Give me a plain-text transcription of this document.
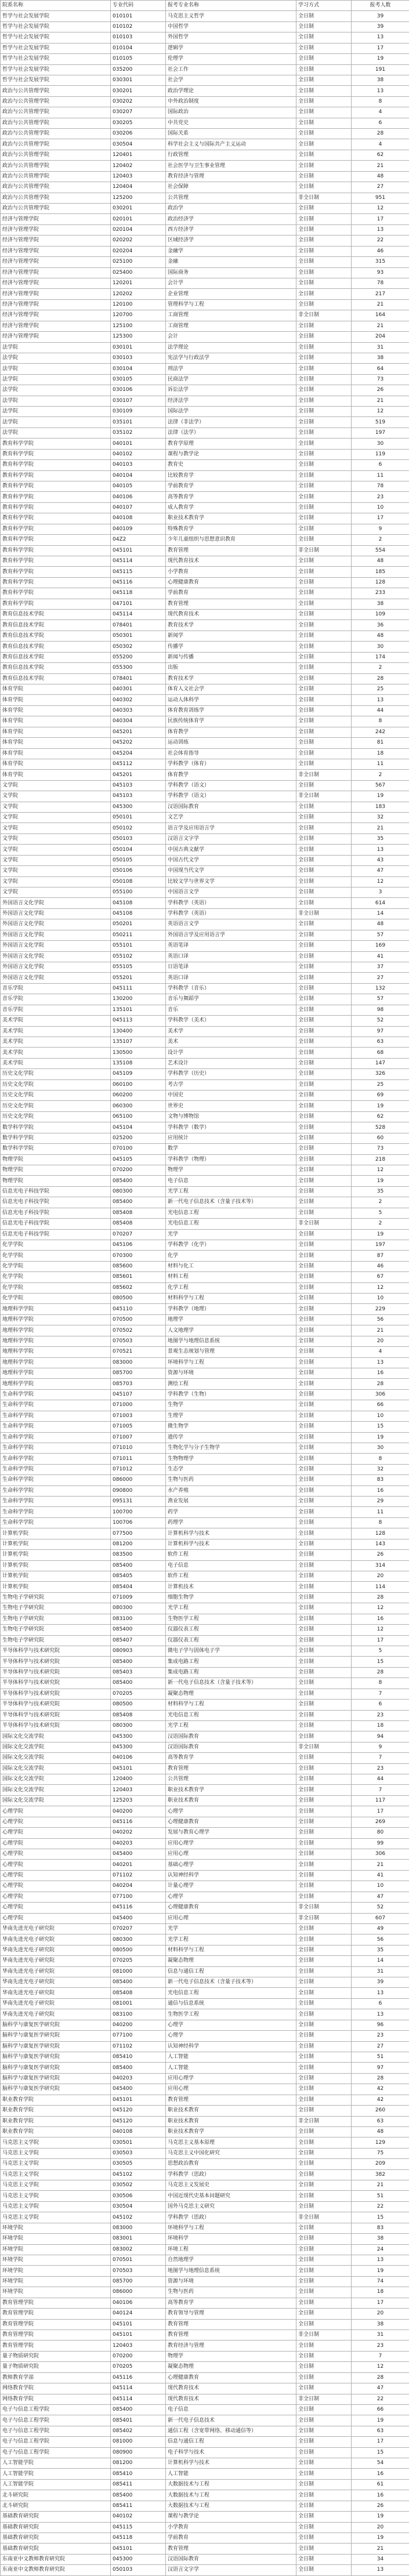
院系名称	专业代码	报考专业名称	学习方式	报考人数
哲学与社会发展学院	010101	马克思主义哲学	全日制	39
哲学与社会发展学院	010102	中国哲学	全日制	39
哲学与社会发展学院	010103	外国哲学	全日制	13
哲学与社会发展学院	010104	逻辑学	全日制	17
哲学与社会发展学院	010105	伦理学	全日制	19
哲学与社会发展学院	035200	社会工作	全日制	191
哲学与社会发展学院	030301	社会学	全日制	38
政治与公共管理学院	030201	政治学理论	全日制	13
政治与公共管理学院	030202	中外政治制度	全日制	8
政治与公共管理学院	030207	国际政治	全日制	4
政治与公共管理学院	030205	中共党史	全日制	6
政治与公共管理学院	030206	国际关系	全日制	28
政治与公共管理学院	030504	科学社会主义与国际共产主义运动	全日制	4
政治与公共管理学院	120401	行政管理	全日制	62
政治与公共管理学院	120402	社会医学与卫生事业管理	全日制	21
政治与公共管理学院	120403	教育经济与管理	全日制	48
政治与公共管理学院	120404	社会保障	全日制	27
政治与公共管理学院	125200	公共管理	非全日制	951
政治与公共管理学院	030201	政治学	全日制	12
经济与管理学院	020101	政治经济学	全日制	17
经济与管理学院	020104	西方经济学	全日制	13
经济与管理学院	020202	区域经济学	全日制	22
经济与管理学院	020204	金融学	全日制	46
经济与管理学院	025100	金融	全日制	315
经济与管理学院	025400	国际商务	全日制	93
经济与管理学院	120201	会计学	全日制	78
经济与管理学院	120202	企业管理	全日制	217
经济与管理学院	120100	管理科学与工程	全日制	21
经济与管理学院	120700	工商管理	非全日制	164
经济与管理学院	125100	工商管理	全日制	21
经济与管理学院	125300	会计	全日制	204
法学院	030101	法学理论	全日制	31
法学院	030103	宪法学与行政法学	全日制	38
法学院	030104	刑法学	全日制	64
法学院	030105	民商法学	全日制	73
法学院	030106	诉讼法学	全日制	26
法学院	030107	经济法学	全日制	21
法学院	030109	国际法学	全日制	12
法学院	035101	法律（非法学）	全日制	519
法学院	035102	法律（法学）	全日制	197
教育科学学院	040101	教育学原理	全日制	30
教育科学学院	040102	课程与教学论	全日制	119
教育科学学院	040103	教育史	全日制	6
教育科学学院	040104	比较教育学	全日制	11
教育科学学院	040105	学前教育学	全日制	78
教育科学学院	040106	高等教育学	全日制	23
教育科学学院	040107	成人教育学	全日制	10
教育科学学院	040108	职业技术教育学	全日制	17
教育科学学院	040109	特殊教育学	全日制	9
教育科学学院	04Z2	少年儿童组织与思想意识教育	全日制	2
教育科学学院	045101	教育管理	非全日制	554
教育科学学院	045114	现代教育技术	全日制	48
教育科学学院	045115	小学教育	全日制	185
教育科学学院	045116	心理健康教育	全日制	128
教育科学学院	045118	学前教育	全日制	233
教育科学学院	047101	教育管理	全日制	38
教育信息技术学院	045114	现代教育技术	全日制	109
教育信息技术学院	078401	教育技术学	全日制	36
教育信息技术学院	050301	新闻学	全日制	48
教育信息技术学院	050302	传播学	全日制	30
教育信息技术学院	055200	新闻与传播	全日制	174
教育信息技术学院	055300	出版	全日制	2
教育信息技术学院	078401	教育技术学	全日制	28
体育学院	040301	体育人文社会学	全日制	25
体育学院	040302	运动人体科学	全日制	13
体育学院	040303	体育教育训练学	全日制	44
体育学院	040304	民族传统体育学	全日制	8
体育学院	045201	体育教学	全日制	242
体育学院	045202	运动训练	全日制	81
体育学院	045204	社会体育指导	全日制	18
体育学院	045112	学科教学（体育）	全日制	11
体育学院	045201	体育教学	非全日制	2
文学院	045103	学科教学（语文）	全日制	567
文学院	045103	学科教学（语文）	非全日制	19
文学院	045300	汉语国际教育	全日制	183
文学院	050101	文艺学	全日制	32
文学院	050102	语言学及应用语言学	全日制	21
文学院	050103	汉语言文字学	全日制	35
文学院	050104	中国古典文献学	全日制	13
文学院	050105	中国古代文学	全日制	43
文学院	050106	中国现当代文学	全日制	47
文学院	050108	比较文学与世界文学	全日制	12
文学院	055100	中国语言文学	全日制	3
外国语言文化学院	045108	学科教学（英语）	全日制	614
外国语言文化学院	045108	学科教学（英语）	非全日制	14
外国语言文化学院	050201	英语语言文学	全日制	48
外国语言文化学院	050211	外国语言学及应用语言学	全日制	57
外国语言文化学院	055101	英语笔译	全日制	169
外国语言文化学院	055102	英语口译	全日制	41
外国语言文化学院	055105	日语笔译	全日制	37
外国语言文化学院	055201	英语口译	全日制	27
音乐学院	045111	学科教学（音乐）	全日制	132
音乐学院	130200	音乐与舞蹈学	全日制	57
音乐学院	135101	音乐	全日制	98
美术学院	045113	学科教学（美术）	全日制	52
美术学院	130400	美术学	全日制	97
美术学院	135107	美术	全日制	63
美术学院	130500	设计学	全日制	68
美术学院	135108	艺术设计	全日制	147
历史文化学院	045109	学科教学（历史）	全日制	326
历史文化学院	060100	考古学	全日制	25
历史文化学院	060200	中国史	全日制	69
历史文化学院	060300	世界史	全日制	19
历史文化学院	065100	文物与博物馆	全日制	62
数学科学学院	045104	学科教学（数学）	全日制	528
数学科学学院	025200	应用统计	全日制	60
数学科学学院	070100	数学	全日制	73
物理学院	045105	学科教学（物理）	全日制	218
物理学院	070200	物理学	全日制	12
物理学院	085400	电子信息	全日制	19
信息光电子科技学院	080300	光学工程	全日制	35
信息光电子科技学院	085400	新一代电子信息技术（含量子技术等）	全日制	2
信息光电子科技学院	085408	光电信息工程	全日制	5
信息光电子科技学院	085408	光电信息工程	非全日制	2
信息光电子科技学院	070207	光学	全日制	19
化学学院	045106	学科教学（化学）	全日制	197
化学学院	070300	化学	全日制	87
化学学院	085600	材料与化工	全日制	46
化学学院	085601	材料工程	全日制	67
化学学院	085602	化学工程	全日制	12
化学学院	080500	材料科学与工程	全日制	10
地理科学学院	045110	学科教学（地理）	全日制	229
地理科学学院	070500	地理学	全日制	56
地理科学学院	070502	人文地理学	全日制	21
地理科学学院	070503	地图学与地理信息系统	全日制	20
地理科学学院	070521	景观生态规划与管理	全日制	4
地理科学学院	083000	环境科学与工程	全日制	13
地理科学学院	085700	资源与环境	全日制	16
地理科学学院	085703	测绘工程	全日制	28
生命科学学院	045107	学科教学（生物）	全日制	306
生命科学学院	071000	生物学	全日制	66
生命科学学院	071003	生理学	全日制	10
生命科学学院	071005	微生物学	全日制	15
生命科学学院	071007	遗传学	全日制	19
生命科学学院	071010	生物化学与分子生物学	全日制	30
生命科学学院	071011	生物物理学	全日制	8
生命科学学院	071012	生态学	全日制	32
生命科学学院	086000	生物与医药	全日制	83
生命科学学院	090800	水产养殖	全日制	16
生命科学学院	095131	渔业发展	全日制	29
生命科学学院	100700	药学	全日制	11
生命科学学院	100706	药理学	全日制	8
计算机学院	077500	计算机科学与技术	全日制	128
计算机学院	081200	计算机科学与技术	全日制	143
计算机学院	083500	软件工程	全日制	26
计算机学院	085400	电子信息	全日制	314
计算机学院	085405	软件工程	全日制	20
计算机学院	085404	计算机技术	全日制	114
生物电子学研究院	071009	细胞生物学	全日制	28
生物电子学研究院	080300	光学工程	全日制	12
生物电子学研究院	083100	生物医学工程	全日制	16
生物电子学研究院	085400	仪器仪表工程	全日制	12
生物电子学研究院	085407	仪器仪表工程	全日制	17
半导体科学与技术研究院	080903	微电子学与固体电子学	全日制	5
半导体科学与技术研究院	085400	集成电路工程	全日制	15
半导体科学与技术研究院	085403	集成电路工程	全日制	28
半导体科学与技术研究院	085400	新一代电子信息技术（含量子技术等）	全日制	8
半导体科学与技术研究院	070205	凝聚态物理	全日制	7
半导体科学与技术研究院	080500	材料科学与工程	全日制	6
半导体科学与技术研究院	085408	光电信息工程	全日制	23
半导体科学与技术研究院	080300	光学工程	全日制	18
国际文化交流学院	045300	汉语国际教育	全日制	94
国际文化交流学院	045300	汉语国际教育	非全日制	9
国际文化交流学院	040106	高等教育学	全日制	7
国际文化交流学院	045101	教育管理	全日制	23
国际文化交流学院	120400	公共管理	全日制	44
国际文化交流学院	120403	职业技术教育学	全日制	7
国际文化交流学院	125203	职业技术教育	全日制	117
心理学院	040200	心理学	全日制	17
心理学院	045116	心理健康教育	全日制	269
心理学院	040202	发展与教育心理学	全日制	80
心理学院	040203	应用心理学	全日制	99
心理学院	045400	应用心理	全日制	306
心理学院	040201	基础心理学	全日制	21
心理学院	071102	认知神经科学	全日制	41
心理学院	040204	计量心理学	全日制	10
心理学院	077100	心理学	全日制	47
心理学院	045116	心理健康教育	非全日制	52
心理学院	045400	应用心理	非全日制	607
华南先进光电子研究院	070207	光学	全日制	49
华南先进光电子研究院	080300	光学工程	全日制	56
华南先进光电子研究院	080500	材料科学与工程	全日制	35
华南先进光电子研究院	070205	凝聚态物理	全日制	14
华南先进光电子研究院	081000	信息与通信工程	全日制	31
华南先进光电子研究院	085400	新一代电子信息技术（含量子技术等）	全日制	39
华南先进光电子研究院	085408	光电信息工程	全日制	13
华南先进光电子研究院	081001	通信与信息系统	全日制	6
华南先进光电子研究院	083100	生物医学工程	全日制	13
脑科学与康复医学研究院	040200	心理学	全日制	96
脑科学与康复医学研究院	077100	心理学	全日制	23
脑科学与康复医学研究院	071102	认知神经科学	全日制	27
脑科学与康复医学研究院	085410	人工智能	全日制	51
脑科学与康复医学研究院	085400	人工智能	全日制	97
脑科学与康复医学研究院	040203	应用心理学	全日制	28
脑科学与康复医学研究院	045400	应用心理	全日制	42
职业教育学院	045101	教育管理	全日制	42
职业教育学院	045120	职业技术教育	全日制	260
职业教育学院	045120	职业技术教育	非全日制	63
职业教育学院	040108	职业技术教育学	全日制	48
马克思主义学院	030501	马克思主义基本原理	全日制	129
马克思主义学院	030503	马克思主义中国化研究	全日制	75
马克思主义学院	030505	思想政治教育	全日制	209
马克思主义学院	045102	学科教学（思政）	全日制	382
马克思主义学院	030502	马克思主义发展史	全日制	21
马克思主义学院	030506	中国近现代史基本问题研究	全日制	51
马克思主义学院	030504	国外马克思主义研究	全日制	22
马克思主义学院	045102	学科教学（思政）	非全日制	15
环境学院	083000	环境科学与工程	全日制	83
环境学院	083001	环境科学	全日制	38
环境学院	083002	环境工程	全日制	24
环境学院	070501	自然地理学	全日制	13
环境学院	070503	地图学与地理信息系统	全日制	19
环境学院	085700	资源与环境	全日制	74
环境学院	086000	生物与医药	全日制	18
教育管理学院	040106	高等教育学	全日制	17
教育管理学院	040124	教育领导与管理	全日制	20
教育管理学院	045101	教育管理	全日制	38
教育管理学院	045101	教育管理	非全日制	31
教育管理学院	120403	教育经济与管理	全日制	23
量子物质研究院	070200	物理学	全日制	7
量子物质研究院	070205	凝聚态物理	全日制	12
教师教育学部	045116	心理健康教育	全日制	28
网络教育学院	045114	现代教育技术	全日制	47
网络教育学院	045114	现代教育技术	非全日制	22
电子与信息工程学院	085400	电子信息	全日制	66
电子与信息工程学院	085401	新一代电子信息技术	全日制	19
电子与信息工程学院	085402	通信工程（含宽带网络、移动通信等）	全日制	63
电子与信息工程学院	081000	信息与通信工程	全日制	17
电子与信息工程学院	080900	电子科学与技术	全日制	15
人工智能学院	081200	计算机科学与技术	全日制	54
人工智能学院	085410	人工智能	全日制	16
人工智能学院	085411	大数据技术与工程	全日制	61
北斗研究院	085400	大数据技术与工程	全日制	16
北斗研究院	085411	大数据技术与工程	全日制	26
基础教育研究院	040102	课程与教学论	全日制	19
基础教育研究院	045115	小学教育	全日制	20
基础教育研究院	045118	学前教育	全日制	19
基础教育研究院	045101	教育管理	全日制	21
东南亚中文教师教育研究院	045300	汉语国际教育	全日制	34
东南亚中文教师教育研究院	050103	汉语言文字学	全日制	13
